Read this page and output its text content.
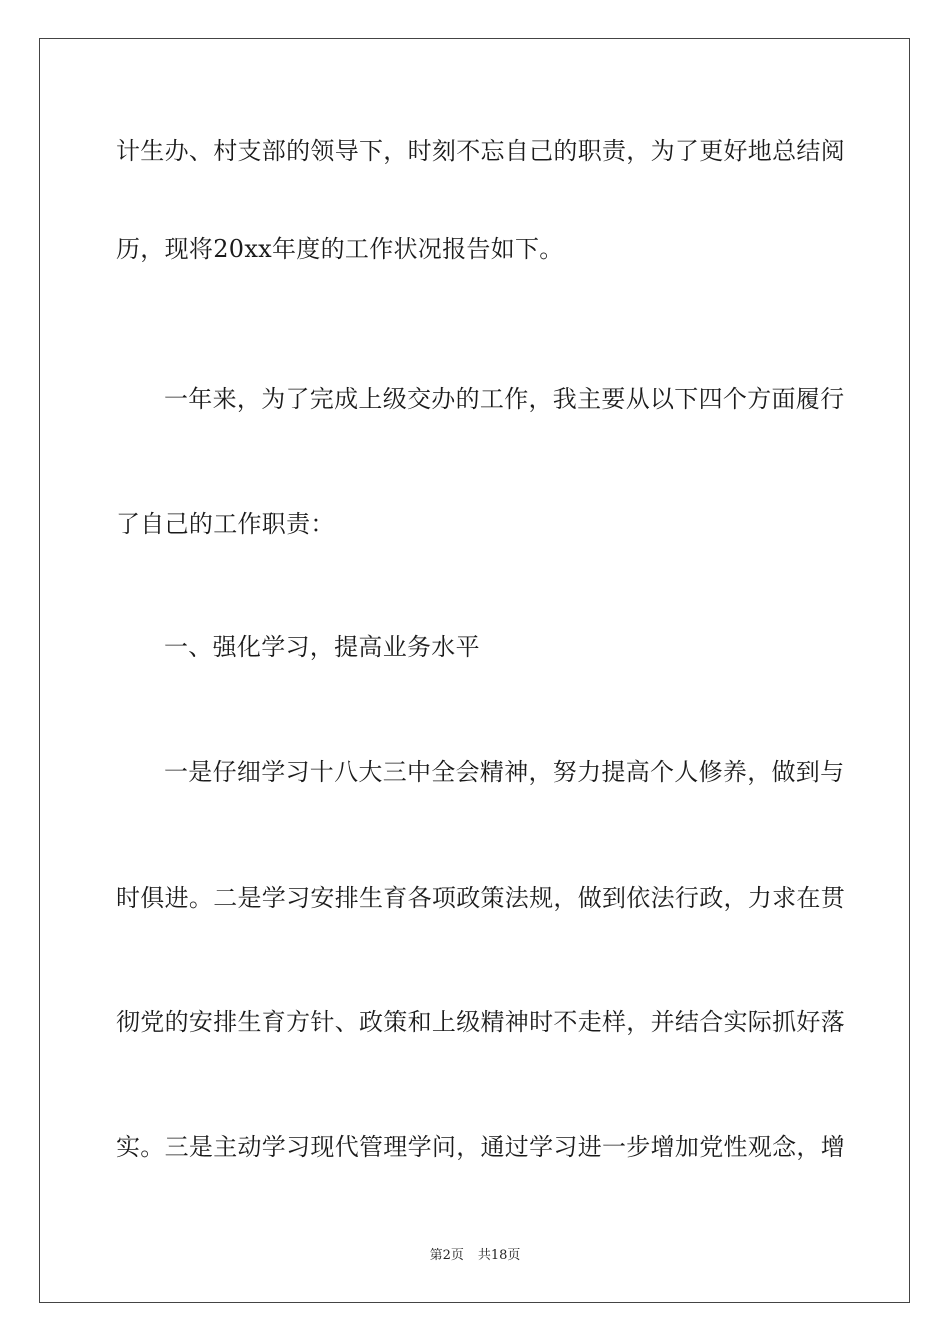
计生办、村支部的领导下，时刻不忘自己的职责，为了更好地总结阅
历，现将20xx年度的工作状况报告如下。
一年来，为了完成上级交办的工作，我主要从以下四个方面履行
了自己的工作职责：
一、强化学习，提高业务水平
一是仔细学习十八大三中全会精神，努力提高个人修养，做到与
时俱进。二是学习安排生育各项政策法规，做到依法行政，力求在贯
彻党的安排生育方针、政策和上级精神时不走样，并结合实际抓好落
实。三是主动学习现代管理学问，通过学习进一步增加党性观念，增
第2页 共18页
